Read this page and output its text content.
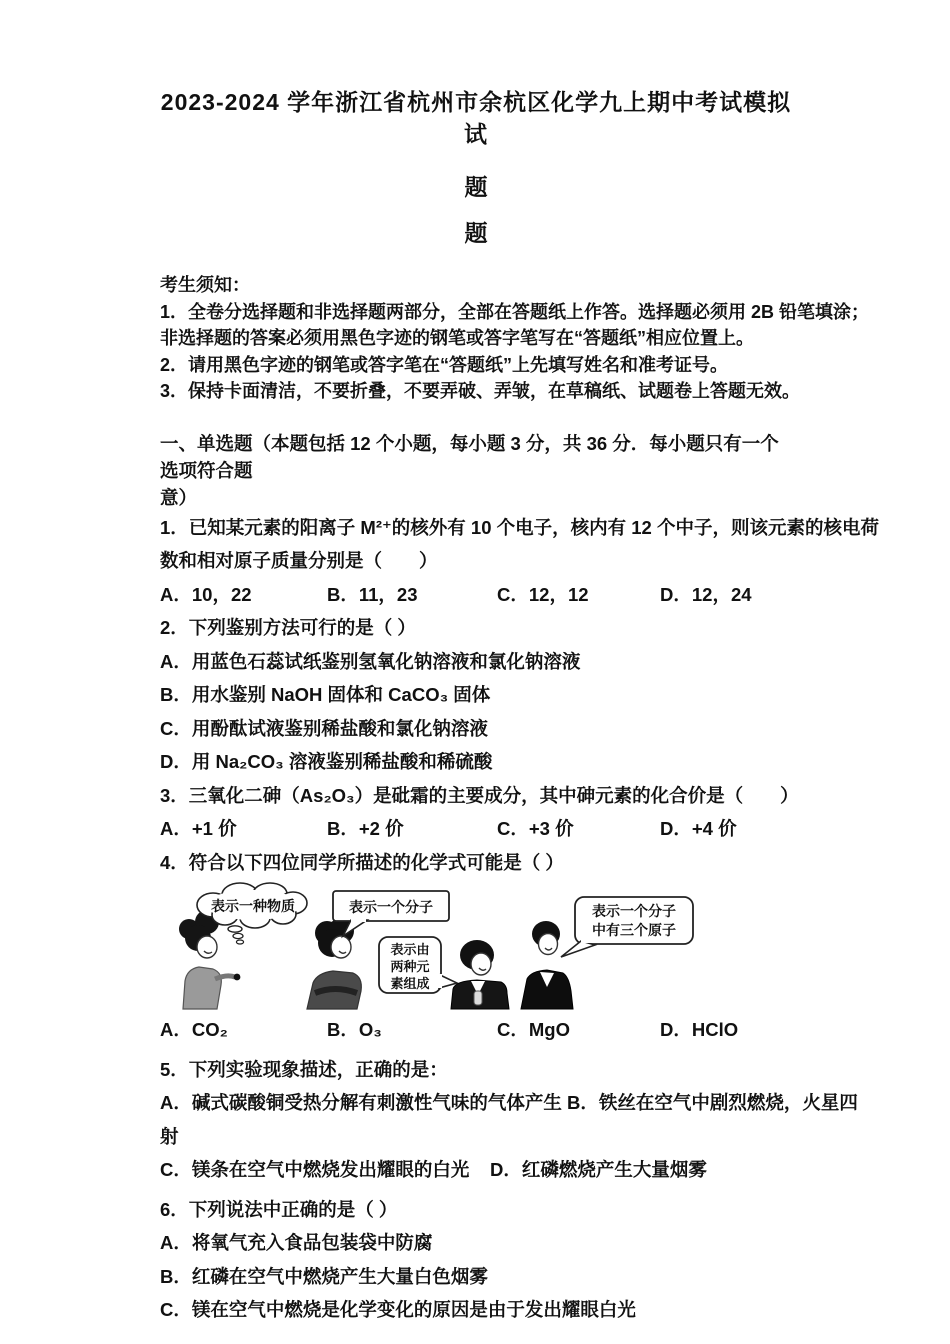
2023-2024 学年浙江省杭州市余杭区化学九上期中考试模拟试
题
题
考生须知：
1．全卷分选择题和非选择题两部分，全部在答题纸上作答。选择题必须用 2B 铅笔填涂；
非选择题的答案必须用黑色字迹的钢笔或答字笔写在“答题纸”相应位置上。
2．请用黑色字迹的钢笔或答字笔在“答题纸”上先填写姓名和准考证号。
3．保持卡面清洁，不要折叠，不要弄破、弄皱，在草稿纸、试题卷上答题无效。
一、单选题（本题包括 12 个小题，每小题 3 分，共 36 分．每小题只有一个选项符合题
意）
1．已知某元素的阳离子 M²⁺的核外有 10 个电子，核内有 12 个中子，则该元素的核电荷
数和相对原子质量分别是（　　）
A．10，22	B．11，23	C．12，12	D．12，24
2．下列鉴别方法可行的是（ ）
A．用蓝色石蕊试纸鉴别氢氧化钠溶液和氯化钠溶液
B．用水鉴别 NaOH 固体和 CaCO₃ 固体
C．用酚酞试液鉴别稀盐酸和氯化钠溶液
D．用 Na₂CO₃ 溶液鉴别稀盐酸和稀硫酸
3．三氧化二砷（As₂O₃）是砒霜的主要成分，其中砷元素的化合价是（　　）
A．+1 价	B．+2 价	C．+3 价	D．+4 价
4．符合以下四位同学所描述的化学式可能是（ ）
表示一种物质	表示一个分子
表示由
两种元
素组成
表示一个分子
中有三个原子
A．CO₂	B．O₃	C．MgO	D．HClO
5．下列实验现象描述，正确的是：
A．碱式碳酸铜受热分解有刺激性气味的气体产生 B．铁丝在空气中剧烈燃烧，火星四
射
C．镁条在空气中燃烧发出耀眼的白光	D．红磷燃烧产生大量烟雾
6．下列说法中正确的是（ ）
A．将氧气充入食品包装袋中防腐
B．红磷在空气中燃烧产生大量白色烟雾
C．镁在空气中燃烧是化学变化的原因是由于发出耀眼白光
